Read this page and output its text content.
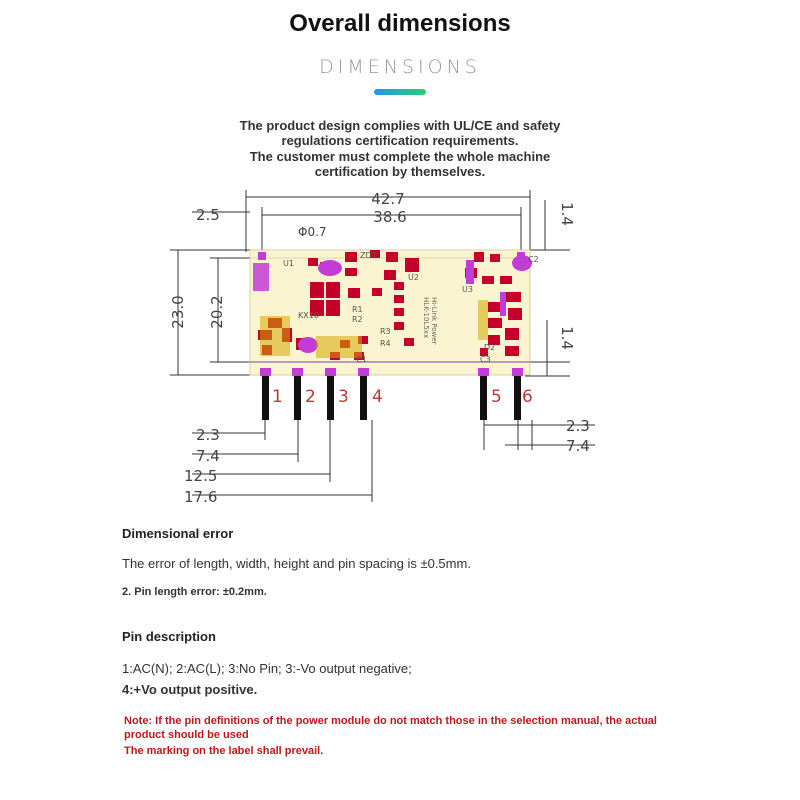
Overall dimensions
DIMENSIONS
The product design complies with UL/CE and safety
regulations certification requirements.
The customer must complete the whole machine
certification by themselves.
42.7
38.6
2.5
Φ0.7
23.0 20.2
1.4
1.4
2.3
7.4
12.5
17.6
2.3
7.4
U1
ZD1
U2
U3
R2
R1
R3
R4
C1
C2
C3
D2
KX10	HLK-10L5xx Hi-Link Power
1 2 3 4	5 6
Dimensional error
The error of length, width, height and pin spacing is ±0.5mm.
2. Pin length error: ±0.2mm.
Pin description
1:AC(N); 2:AC(L); 3:No Pin; 3:-Vo output negative;
4:+Vo output positive.
Note: If the pin definitions of the power module do not match those in the selection manual, the actual product should be used
The marking on the label shall prevail.
